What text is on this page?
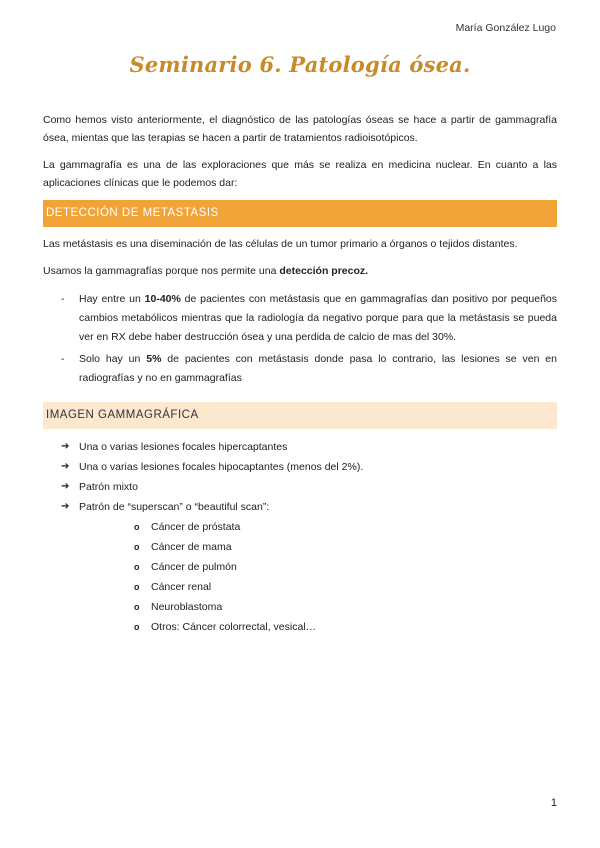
María González Lugo
Seminario 6. Patología ósea.

Como hemos visto anteriormente, el diagnóstico de las patologías óseas se hace a partir de gammagrafía ósea, mientas que las terapias se hacen a partir de tratamientos radioisotópicos.

La gammagrafía es una de las exploraciones que más se realiza en medicina nuclear. En cuanto a las aplicaciones clínicas que le podemos dar:

DETECCIÓN DE METASTASIS

Las metástasis es una diseminación de las células de un tumor primario a órganos o tejidos distantes.

Usamos la gammagrafías porque nos permite una detección precoz.

- Hay entre un 10-40% de pacientes con metástasis que en gammagrafías dan positivo por pequeños cambios metabólicos mientras que la radiología da negativo porque para que la metástasis se pueda ver en RX debe haber destrucción ósea y una perdida de calcio de mas del 30%.
- Solo hay un 5% de pacientes con metástasis donde pasa lo contrario, las lesiones se ven en radiografías y no en gammagrafías
IMAGEN GAMMAGRÁFICA
➔ Una o varias lesiones focales hipercaptantes
➔ Una o varias lesiones focales hipocaptantes (menos del 2%).
➔ Patrón mixto
➔ Patrón de “superscan” o “beautiful scan”:
o Cáncer de próstata
o Cáncer de mama
o Cáncer de pulmón
o Cáncer renal
o Neuroblastoma
o Otros: Cáncer colorrectal, vesical…
1
